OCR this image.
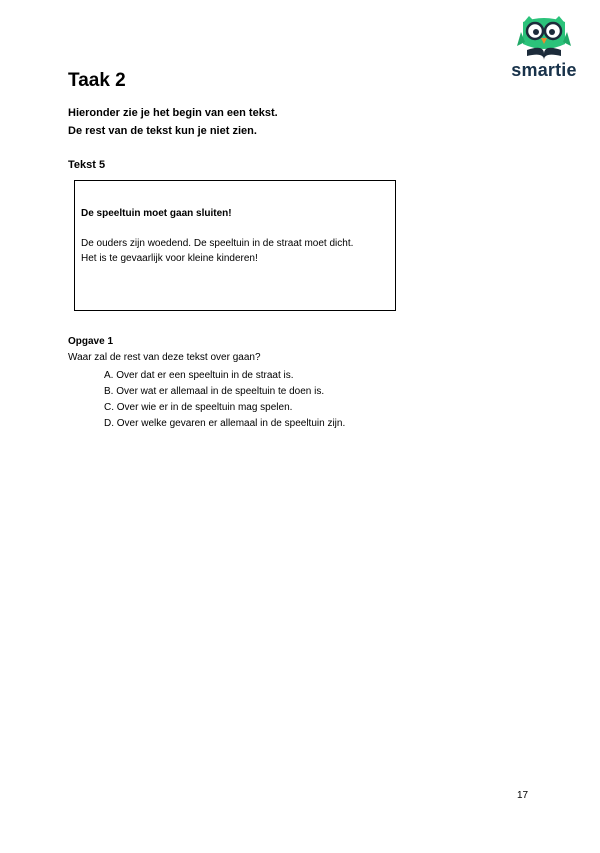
smartie
Taak 2
Hieronder zie je het begin van een tekst.
De rest van de tekst kun je niet zien.
Tekst 5
De speeltuin moet gaan sluiten!
De ouders zijn woedend. De speeltuin in de straat moet dicht.
Het is te gevaarlijk voor kleine kinderen!
Opgave 1
Waar zal de rest van deze tekst over gaan?
A. Over dat er een speeltuin in de straat is.
B. Over wat er allemaal in de speeltuin te doen is.
C. Over wie er in de speeltuin mag spelen.
D. Over welke gevaren er allemaal in de speeltuin zijn.
17
